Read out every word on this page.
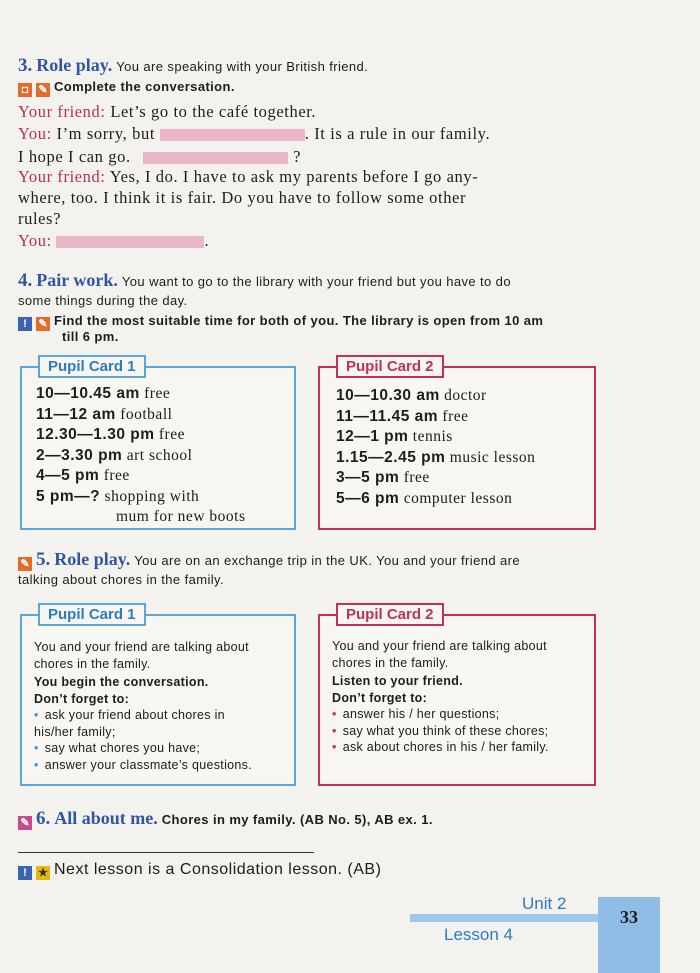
3. Role play. You are speaking with your British friend.
◘ ✎ Complete the conversation.
Your friend: Let’s go to the café together.
You: I’m sorry, but	. It is a rule in our family.
I hope I can go.	?
Your friend: Yes, I do. I have to ask my parents before I go any-
where, too. I think it is fair. Do you have to follow some other
rules?
You:	.
4. Pair work. You want to go to the library with your friend but you have to do
some things during the day.
! ✎ Find the most suitable time for both of you. The library is open from 10 am
till 6 pm.
Pupil Card 1
10—10.45 am free
11—12 am football
12.30—1.30 pm free
2—3.30 pm art school
4—5 pm free
5 pm—? shopping with
mum for new boots
Pupil Card 2
10—10.30 am doctor
11—11.45 am free
12—1 pm tennis
1.15—2.45 pm music lesson
3—5 pm free
5—6 pm computer lesson
✎ 5. Role play. You are on an exchange trip in the UK. You and your friend are
talking about chores in the family.
Pupil Card 1
You and your friend are talking about
chores in the family.
You begin the conversation.
Don’t forget to:
• ask your friend about chores in
his/her family;
• say what chores you have;
• answer your classmate’s questions.
Pupil Card 2
You and your friend are talking about
chores in the family.
Listen to your friend.
Don’t forget to:
• answer his / her questions;
• say what you think of these chores;
• ask about chores in his / her family.
✎ 6. All about me. Chores in my family. (AB No. 5), AB ex. 1.
! ★ Next lesson is a Consolidation lesson. (AB)
Unit 2
Lesson 4
33
